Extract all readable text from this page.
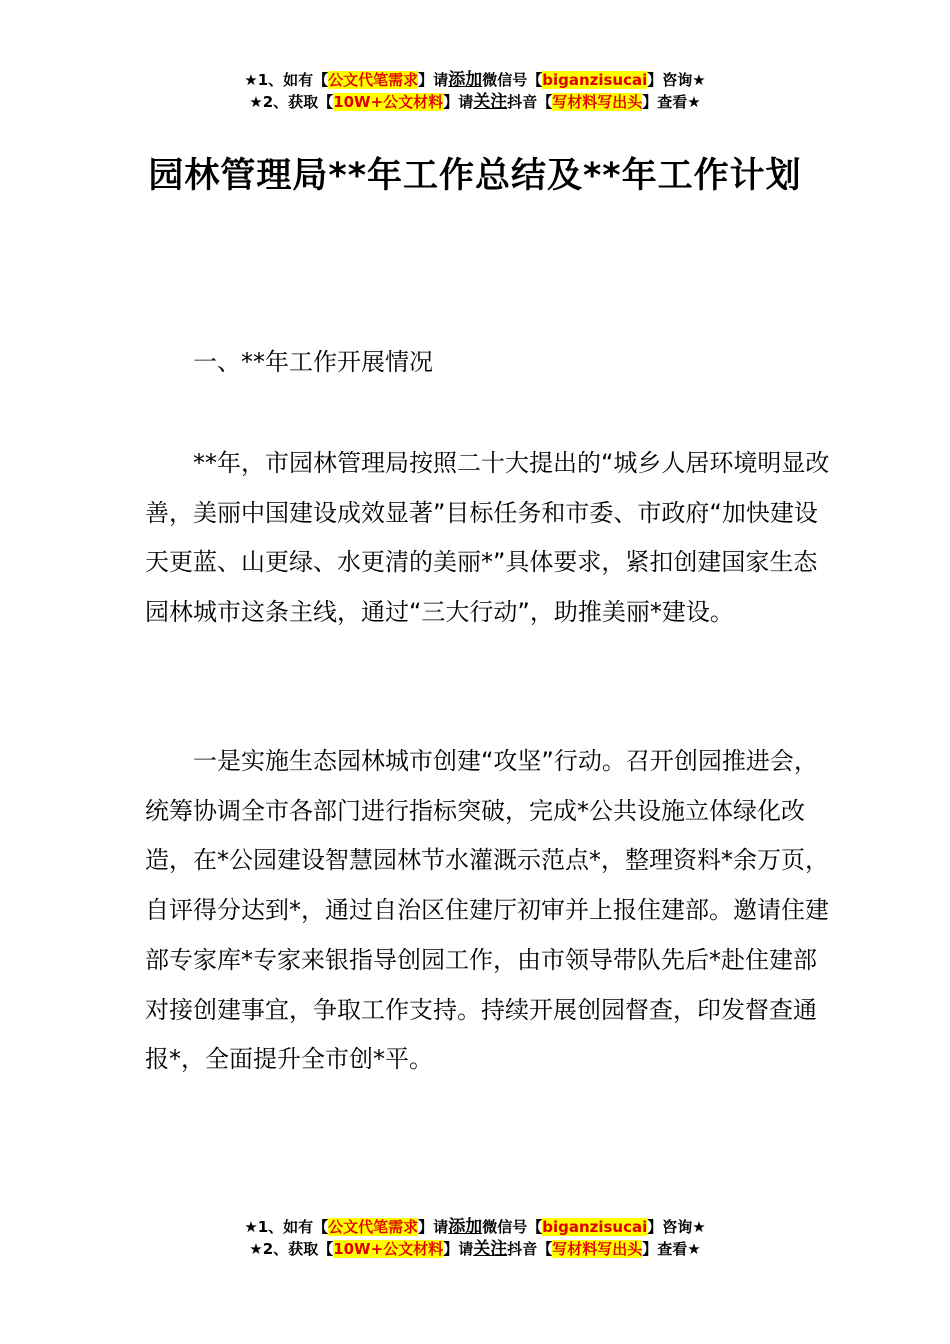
★1、如有【公文代笔需求】请添加微信号【biganzisucai】咨询★
★2、获取【10W+公文材料】请关注抖音【写材料写出头】查看★
园林管理局**年工作总结及**年工作计划

一、**年工作开展情况

**年，市园林管理局按照二十大提出的“城乡人居环境明显改善，美丽中国建设成效显著”目标任务和市委、市政府“加快建设天更蓝、山更绿、水更清的美丽*”具体要求，紧扣创建国家生态园林城市这条主线，通过“三大行动”，助推美丽*建设。

一是实施生态园林城市创建“攻坚”行动。召开创园推进会，统筹协调全市各部门进行指标突破，完成*公共设施立体绿化改造，在*公园建设智慧园林节水灌溉示范点*，整理资料*余万页，自评得分达到*，通过自治区住建厅初审并上报住建部。邀请住建部专家库*专家来银指导创园工作，由市领导带队先后*赴住建部对接创建事宜，争取工作支持。持续开展创园督查，印发督查通报*，全面提升全市创*平。

★1、如有【公文代笔需求】请添加微信号【biganzisucai】咨询★
★2、获取【10W+公文材料】请关注抖音【写材料写出头】查看★
